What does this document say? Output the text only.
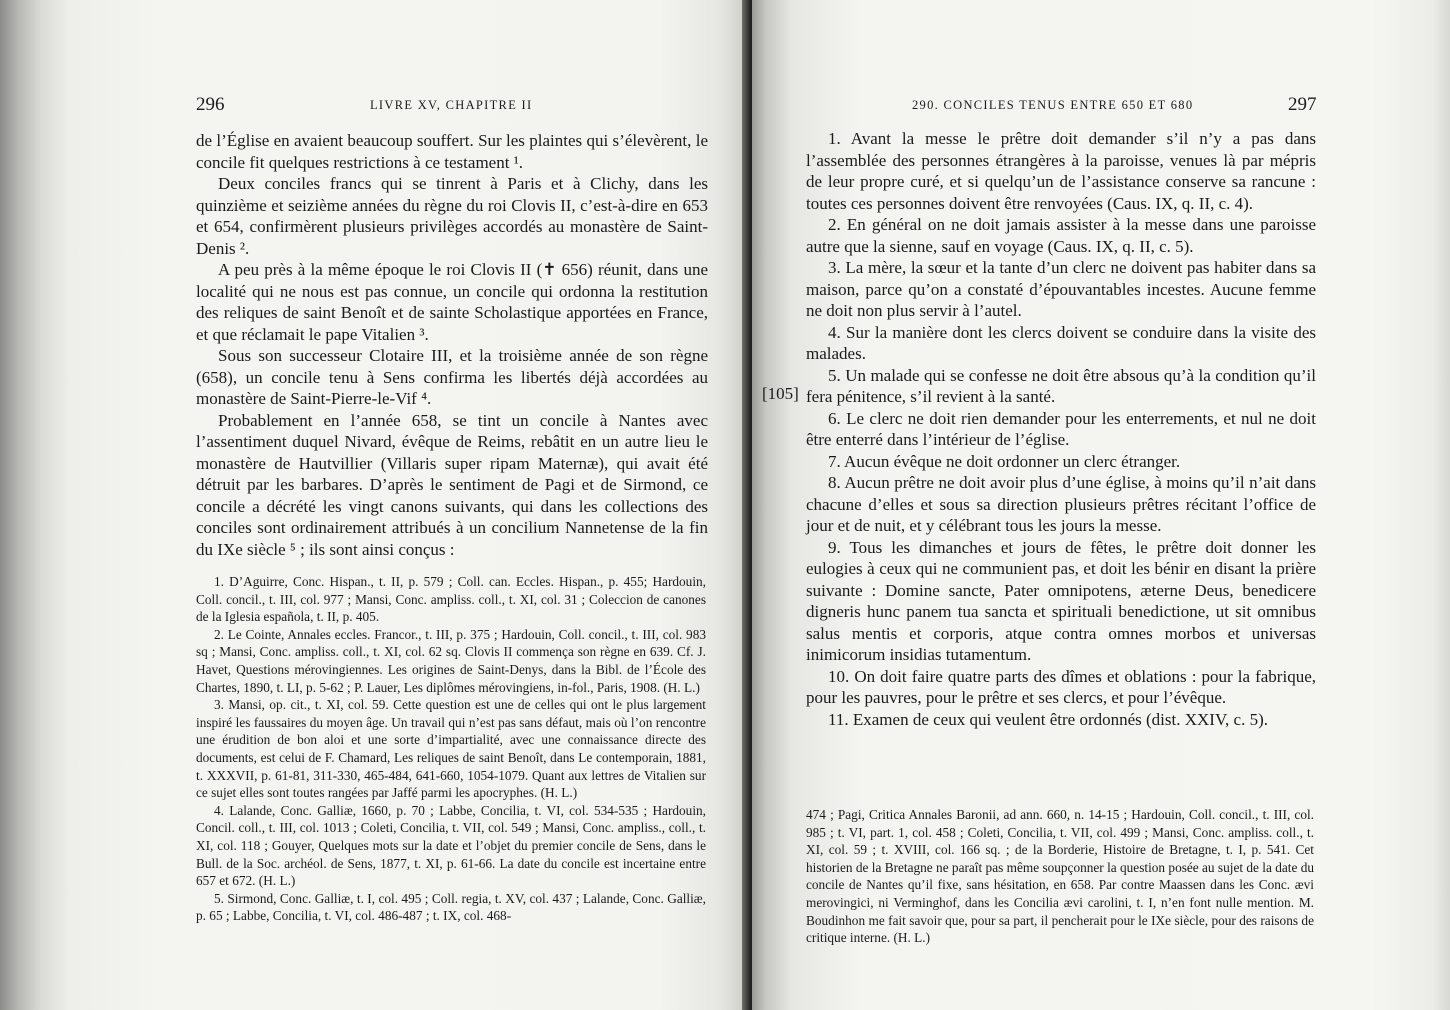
296	LIVRE XV, CHAPITRE II

de l’Église en avaient beaucoup souffert. Sur les plaintes qui s’élevèrent, le concile fit quelques restrictions à ce testament ¹.

Deux conciles francs qui se tinrent à Paris et à Clichy, dans les quinzième et seizième années du règne du roi Clovis II, c’est-à-dire en 653 et 654, confirmèrent plusieurs privilèges accordés au monastère de Saint-Denis ².

A peu près à la même époque le roi Clovis II (✝ 656) réunit, dans une localité qui ne nous est pas connue, un concile qui ordonna la restitution des reliques de saint Benoît et de sainte Scholastique apportées en France, et que réclamait le pape Vitalien ³.

Sous son successeur Clotaire III, et la troisième année de son règne (658), un concile tenu à Sens confirma les libertés déjà accordées au monastère de Saint-Pierre-le-Vif ⁴.

Probablement en l’année 658, se tint un concile à Nantes avec l’assentiment duquel Nivard, évêque de Reims, rebâtit en un autre lieu le monastère de Hautvillier (Villaris super ripam Maternæ), qui avait été détruit par les barbares. D’après le sentiment de Pagi et de Sirmond, ce concile a décrété les vingt canons suivants, qui dans les collections des conciles sont ordinairement attribués à un concilium Nannetense de la fin du IXe siècle ⁵ ; ils sont ainsi conçus :

1. D’Aguirre, Conc. Hispan., t. II, p. 579 ; Coll. can. Eccles. Hispan., p. 455; Hardouin, Coll. concil., t. III, col. 977 ; Mansi, Conc. ampliss. coll., t. XI, col. 31 ; Coleccion de canones de la Iglesia española, t. II, p. 405.

2. Le Cointe, Annales eccles. Francor., t. III, p. 375 ; Hardouin, Coll. concil., t. III, col. 983 sq ; Mansi, Conc. ampliss. coll., t. XI, col. 62 sq. Clovis II commença son règne en 639. Cf. J. Havet, Questions mérovingiennes. Les origines de Saint-Denys, dans la Bibl. de l’École des Chartes, 1890, t. LI, p. 5-62 ; P. Lauer, Les diplômes mérovingiens, in-fol., Paris, 1908. (H. L.)

3. Mansi, op. cit., t. XI, col. 59. Cette question est une de celles qui ont le plus largement inspiré les faussaires du moyen âge. Un travail qui n’est pas sans défaut, mais où l’on rencontre une érudition de bon aloi et une sorte d’impartialité, avec une connaissance directe des documents, est celui de F. Chamard, Les reliques de saint Benoît, dans Le contemporain, 1881, t. XXXVII, p. 61-81, 311-330, 465-484, 641-660, 1054-1079. Quant aux lettres de Vitalien sur ce sujet elles sont toutes rangées par Jaffé parmi les apocryphes. (H. L.)

4. Lalande, Conc. Galliæ, 1660, p. 70 ; Labbe, Concilia, t. VI, col. 534-535 ; Hardouin, Concil. coll., t. III, col. 1013 ; Coleti, Concilia, t. VII, col. 549 ; Mansi, Conc. ampliss., coll., t. XI, col. 118 ; Gouyer, Quelques mots sur la date et l’objet du premier concile de Sens, dans le Bull. de la Soc. archéol. de Sens, 1877, t. XI, p. 61-66. La date du concile est incertaine entre 657 et 672. (H. L.)

5. Sirmond, Conc. Galliæ, t. I, col. 495 ; Coll. regia, t. XV, col. 437 ; Lalande, Conc. Galliæ, p. 65 ; Labbe, Concilia, t. VI, col. 486-487 ; t. IX, col. 468-

290. CONCILES TENUS ENTRE 650 ET 680	297

1. Avant la messe le prêtre doit demander s’il n’y a pas dans l’assemblée des personnes étrangères à la paroisse, venues là par mépris de leur propre curé, et si quelqu’un de l’assistance conserve sa rancune : toutes ces personnes doivent être renvoyées (Caus. IX, q. II, c. 4).

2. En général on ne doit jamais assister à la messe dans une paroisse autre que la sienne, sauf en voyage (Caus. IX, q. II, c. 5).

3. La mère, la sœur et la tante d’un clerc ne doivent pas habiter dans sa maison, parce qu’on a constaté d’épouvantables incestes. Aucune femme ne doit non plus servir à l’autel.

4. Sur la manière dont les clercs doivent se conduire dans la visite des malades.

5. Un malade qui se confesse ne doit être absous qu’à la condition qu’il fera pénitence, s’il revient à la santé.

6. Le clerc ne doit rien demander pour les enterrements, et nul ne doit être enterré dans l’intérieur de l’église.

7. Aucun évêque ne doit ordonner un clerc étranger.

8. Aucun prêtre ne doit avoir plus d’une église, à moins qu’il n’ait dans chacune d’elles et sous sa direction plusieurs prêtres récitant l’office de jour et de nuit, et y célébrant tous les jours la messe.

9. Tous les dimanches et jours de fêtes, le prêtre doit donner les eulogies à ceux qui ne communient pas, et doit les bénir en disant la prière suivante : Domine sancte, Pater omnipotens, æterne Deus, benedicere digneris hunc panem tua sancta et spirituali benedictione, ut sit omnibus salus mentis et corporis, atque contra omnes morbos et universas inimicorum insidias tutamentum.

10. On doit faire quatre parts des dîmes et oblations : pour la fabrique, pour les pauvres, pour le prêtre et ses clercs, et pour l’évêque.

11. Examen de ceux qui veulent être ordonnés (dist. XXIV, c. 5).

474 ; Pagi, Critica Annales Baronii, ad ann. 660, n. 14-15 ; Hardouin, Coll. concil., t. III, col. 985 ; t. VI, part. 1, col. 458 ; Coleti, Concilia, t. VII, col. 499 ; Mansi, Conc. ampliss. coll., t. XI, col. 59 ; t. XVIII, col. 166 sq. ; de la Borderie, Histoire de Bretagne, t. I, p. 541. Cet historien de la Bretagne ne paraît pas même soupçonner la question posée au sujet de la date du concile de Nantes qu’il fixe, sans hésitation, en 658. Par contre Maassen dans les Conc. ævi merovingici, ni Verminghof, dans les Concilia ævi carolini, t. I, n’en font nulle mention. M. Boudinhon me fait savoir que, pour sa part, il pencherait pour le IXe siècle, pour des raisons de critique interne. (H. L.)

[105]
